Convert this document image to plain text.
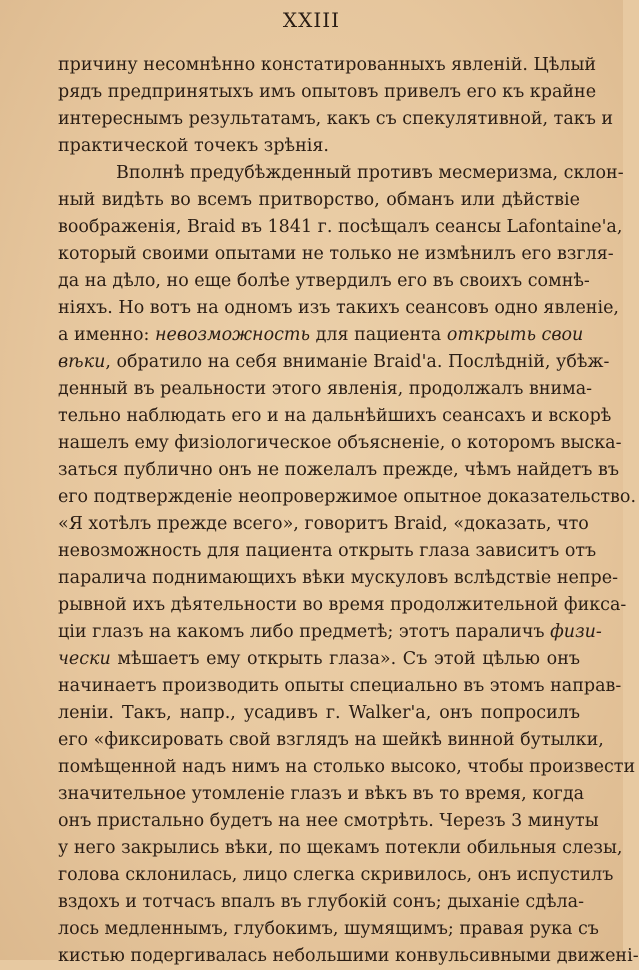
XXIII
причину несомнѣнно констатированныхъ явленій. Цѣлый
рядъ предпринятыхъ имъ опытовъ привелъ его къ крайне
интереснымъ результатамъ, какъ съ спекулятивной, такъ и
практической точекъ зрѣнія.
Вполнѣ предубѣжденный противъ месмеризма, склон-
ный видѣть во всемъ притворство, обманъ или дѣйствіе
воображенія, Braid въ 1841 г. посѣщалъ сеансы Lafontaine'a,
который своими опытами не только не измѣнилъ его взгля-
да на дѣло, но еще болѣе утвердилъ его въ своихъ сомнѣ-
ніяхъ. Но вотъ на одномъ изъ такихъ сеансовъ одно явленіе,
а именно: невозможность для пациента открыть свои
вѣки, обратило на себя вниманіе Braid'a. Послѣдній, убѣж-
денный въ реальности этого явленія, продолжалъ внима-
тельно наблюдать его и на дальнѣйшихъ сеансахъ и вскорѣ
нашелъ ему физіологическое объясненіе, о которомъ выска-
заться публично онъ не пожелалъ прежде, чѣмъ найдетъ въ
его подтвержденіе неопровержимое опытное доказательство.
«Я хотѣлъ прежде всего», говоритъ Braid, «доказать, что
невозможность для пациента открыть глаза зависитъ отъ
паралича поднимающихъ вѣки мускуловъ вслѣдствіе непре-
рывной ихъ дѣятельности во время продолжительной фикса-
ціи глазъ на какомъ либо предметѣ; этотъ параличъ физи-
чески мѣшаетъ ему открыть глаза». Съ этой цѣлью онъ
начинаетъ производить опыты специально въ этомъ направ-
леніи. Такъ, напр., усадивъ г. Walker'a, онъ попросилъ
его «фиксировать свой взглядъ на шейкѣ винной бутылки,
помѣщенной надъ нимъ на столько высоко, чтобы произвести
значительное утомленіе глазъ и вѣкъ въ то время, когда
онъ пристально будетъ на нее смотрѣть. Черезъ 3 минуты
у него закрылись вѣки, по щекамъ потекли обильныя слезы,
голова склонилась, лицо слегка скривилось, онъ испустилъ
вздохъ и тотчасъ впалъ въ глубокій сонъ; дыханіе сдѣла-
лось медленнымъ, глубокимъ, шумящимъ; правая рука съ
кистью подергивалась небольшими конвульсивными движені-
